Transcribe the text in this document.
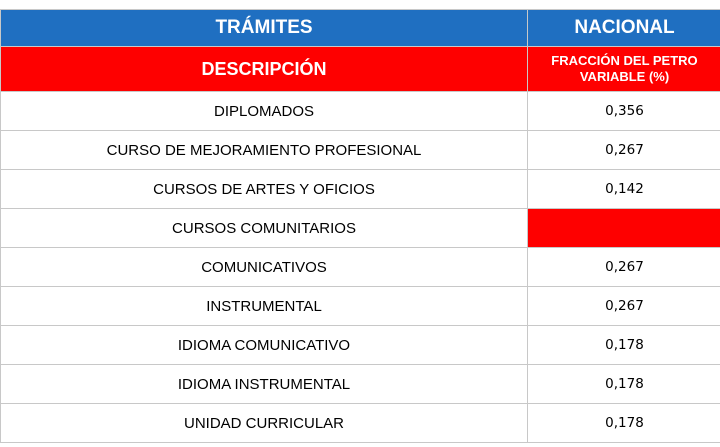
TRÁMITES	NACIONAL
DESCRIPCIÓN	FRACCIÓN DEL PETRO
VARIABLE (%)
DIPLOMADOS	0,356
CURSO DE MEJORAMIENTO PROFESIONAL	0,267
CURSOS DE ARTES Y OFICIOS	0,142
CURSOS COMUNITARIOS	
COMUNICATIVOS	0,267
INSTRUMENTAL	0,267
IDIOMA COMUNICATIVO	0,178
IDIOMA INSTRUMENTAL	0,178
UNIDAD CURRICULAR	0,178
